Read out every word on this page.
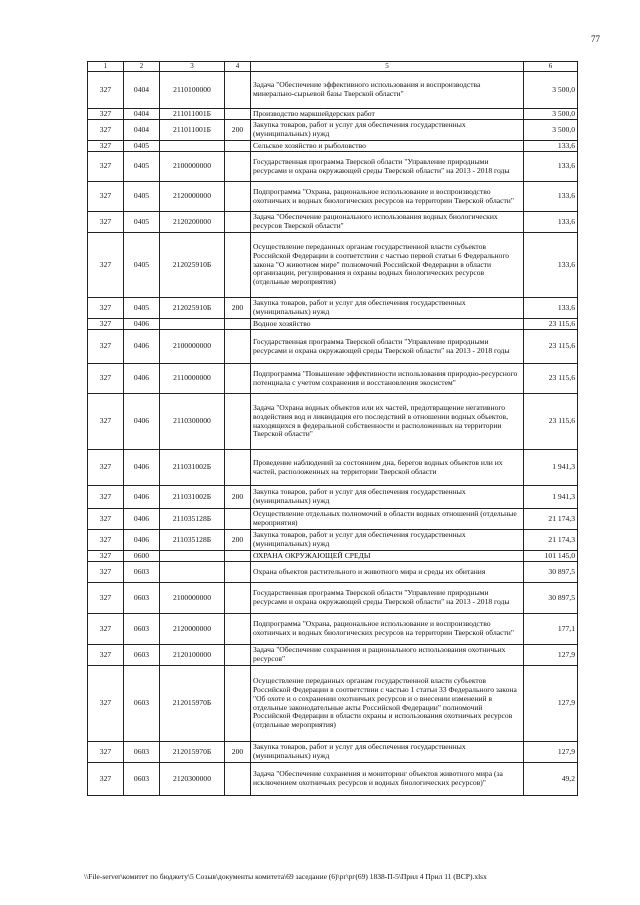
77
1	2	3	4	5	6
327	0404	2110100000		Задача "Обеспечение эффективного использования и воспроизводства минерально-сырьевой базы Тверской области"	3 500,0
327	0404	211011001Б		Производство маркшейдерских работ	3 500,0
327	0404	211011001Б	200	Закупка товаров, работ и услуг для обеспечения государственных (муниципальных) нужд	3 500,0
327	0405			Сельское хозяйство и рыболовство	133,6
327	0405	2100000000		Государственная программа Тверской области "Управление природными ресурсами и охрана окружающей среды Тверской области" на 2013 - 2018 годы	133,6
327	0405	2120000000		Подпрограмма "Охрана, рациональное использование и воспроизводство охотничьих и водных биологических ресурсов на территории Тверской области"	133,6
327	0405	2120200000		Задача "Обеспечение рационального использования водных биологических ресурсов Тверской области"	133,6
327	0405	212025910Б		Осуществление переданных органам государственной власти субъектов Российской Федерации в соответствии с частью первой статьи 6 Федерального закона "О животном мире" полномочий Российской Федерации в области организации, регулирования и охраны водных биологических ресурсов (отдельные мероприятия)	133,6
327	0405	212025910Б	200	Закупка товаров, работ и услуг для обеспечения государственных (муниципальных) нужд	133,6
327	0406			Водное хозяйство	23 115,6
327	0406	2100000000		Государственная программа Тверской области "Управление природными ресурсами и охрана окружающей среды Тверской области" на 2013 - 2018 годы	23 115,6
327	0406	2110000000		Подпрограмма "Повышение эффективности использования природно-ресурсного потенциала с учетом сохранения и восстановления экосистем"	23 115,6
327	0406	2110300000		Задача "Охрана водных объектов или их частей, предотвращение негативного воздействия вод и ликвидация его последствий в отношении водных объектов, находящихся в федеральной собственности и расположенных на территории Тверской области"	23 115,6
327	0406	211031002Б		Проведение наблюдений за состоянием дна, берегов водных объектов или их частей, расположенных на территории Тверской области	1 941,3
327	0406	211031002Б	200	Закупка товаров, работ и услуг для обеспечения государственных (муниципальных) нужд	1 941,3
327	0406	211035128Б		Осуществление отдельных полномочий в области водных отношений (отдельные мероприятия)	21 174,3
327	0406	211035128Б	200	Закупка товаров, работ и услуг для обеспечения государственных (муниципальных) нужд	21 174,3
327	0600			ОХРАНА ОКРУЖАЮЩЕЙ СРЕДЫ	101 145,0
327	0603			Охрана объектов растительного и животного мира и среды их обитания	30 897,5
327	0603	2100000000		Государственная программа Тверской области "Управление природными ресурсами и охрана окружающей среды Тверской области" на 2013 - 2018 годы	30 897,5
327	0603	2120000000		Подпрограмма "Охрана, рациональное использование и воспроизводство охотничьих и водных биологических ресурсов на территории Тверской области"	177,1
327	0603	2120100000		Задача "Обеспечение сохранения и рационального использования охотничьих ресурсов"	127,9
327	0603	212015970Б		Осуществление переданных органам государственной власти субъектов Российской Федерации в соответствии с частью 1 статьи 33 Федерального закона "Об охоте и о сохранении охотничьих ресурсов и о внесении изменений в отдельные законодательные акты Российской Федерации" полномочий Российской Федерации в области охраны и использования охотничьих ресурсов (отдельные мероприятия)	127,9
327	0603	212015970Б	200	Закупка товаров, работ и услуг для обеспечения государственных (муниципальных) нужд	127,9
327	0603	2120300000		Задача "Обеспечение сохранения и мониторинг объектов животного мира (за исключением охотничьих ресурсов и водных биологических ресурсов)"	49,2
\\File-server\комитет по бюджету\5 Созыв\документы комитета\69 заседание (6)\рг\рг(69) 1838-П-5\Прил 4 Прил 11 (ВСР).xlsx
